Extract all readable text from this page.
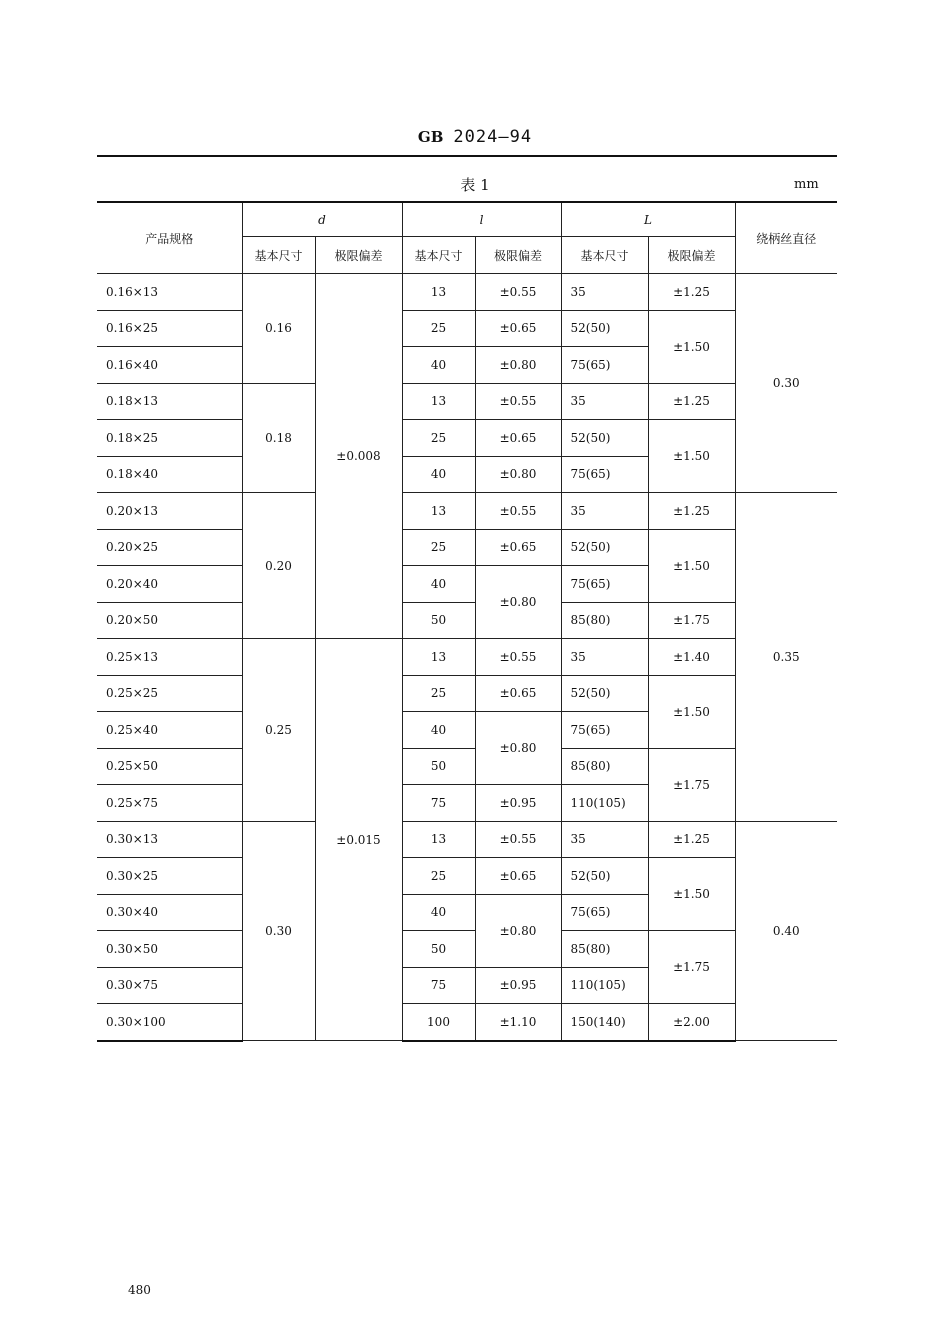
GB 2024—94
表 1	mm
产品规格	d		l		L		绕柄丝直径
	基本尺寸	极限偏差	基本尺寸	极限偏差	基本尺寸	极限偏差	
0.16×13	0.16	±0.008	13	±0.55	35	±1.25	0.30
0.16×25			25	±0.65	52(50)	±1.50	
0.16×40			40	±0.80	75(65)		
0.18×13	0.18		13	±0.55	35	±1.25	
0.18×25			25	±0.65	52(50)	±1.50	
0.18×40			40	±0.80	75(65)		
0.20×13	0.20		13	±0.55	35	±1.25	0.35
0.20×25			25	±0.65	52(50)	±1.50	
0.20×40			40	±0.80	75(65)		
0.20×50			50		85(80)	±1.75	
0.25×13	0.25	±0.015	13	±0.55	35	±1.40	
0.25×25			25	±0.65	52(50)	±1.50	
0.25×40			40	±0.80	75(65)		
0.25×50			50		85(80)	±1.75	
0.25×75			75	±0.95	110(105)		
0.30×13	0.30		13	±0.55	35	±1.25	0.40
0.30×25			25	±0.65	52(50)	±1.50	
0.30×40			40	±0.80	75(65)		
0.30×50			50		85(80)	±1.75	
0.30×75			75	±0.95	110(105)		
0.30×100			100	±1.10	150(140)	±2.00	
480
